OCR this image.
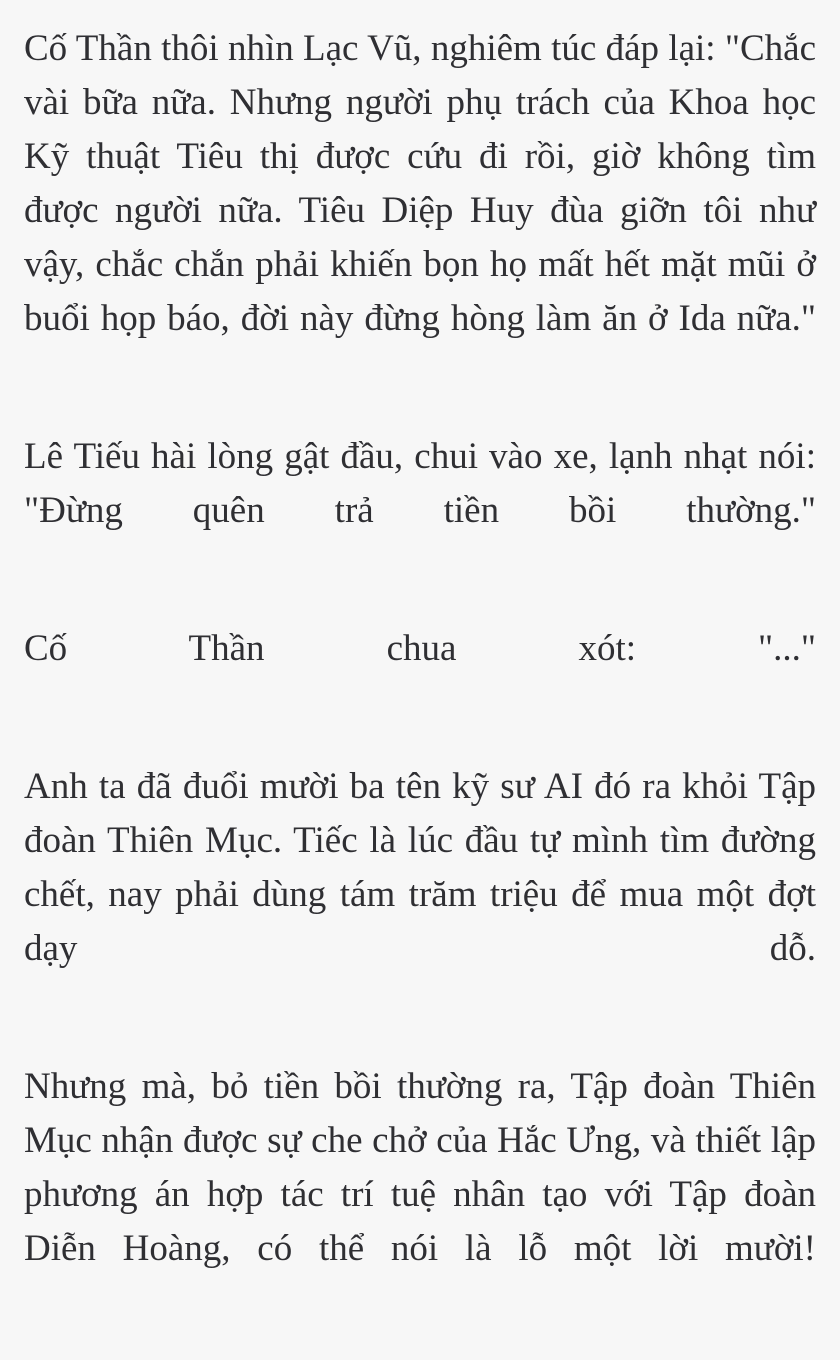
Cố Thần thôi nhìn Lạc Vũ, nghiêm túc đáp lại: "Chắc vài bữa nữa. Nhưng người phụ trách của Khoa học Kỹ thuật Tiêu thị được cứu đi rồi, giờ không tìm được người nữa. Tiêu Diệp Huy đùa giỡn tôi như vậy, chắc chắn phải khiến bọn họ mất hết mặt mũi ở buổi họp báo, đời này đừng hòng làm ăn ở Ida nữa."

Lê Tiếu hài lòng gật đầu, chui vào xe, lạnh nhạt nói: "Đừng quên trả tiền bồi thường."

Cố Thần chua xót: "..."

Anh ta đã đuổi mười ba tên kỹ sư AI đó ra khỏi Tập đoàn Thiên Mục. Tiếc là lúc đầu tự mình tìm đường chết, nay phải dùng tám trăm triệu để mua một đợt dạy dỗ.

Nhưng mà, bỏ tiền bồi thường ra, Tập đoàn Thiên Mục nhận được sự che chở của Hắc Ưng, và thiết lập phương án hợp tác trí tuệ nhân tạo với Tập đoàn Diễn Hoàng, có thể nói là lỗ một lời mười!
